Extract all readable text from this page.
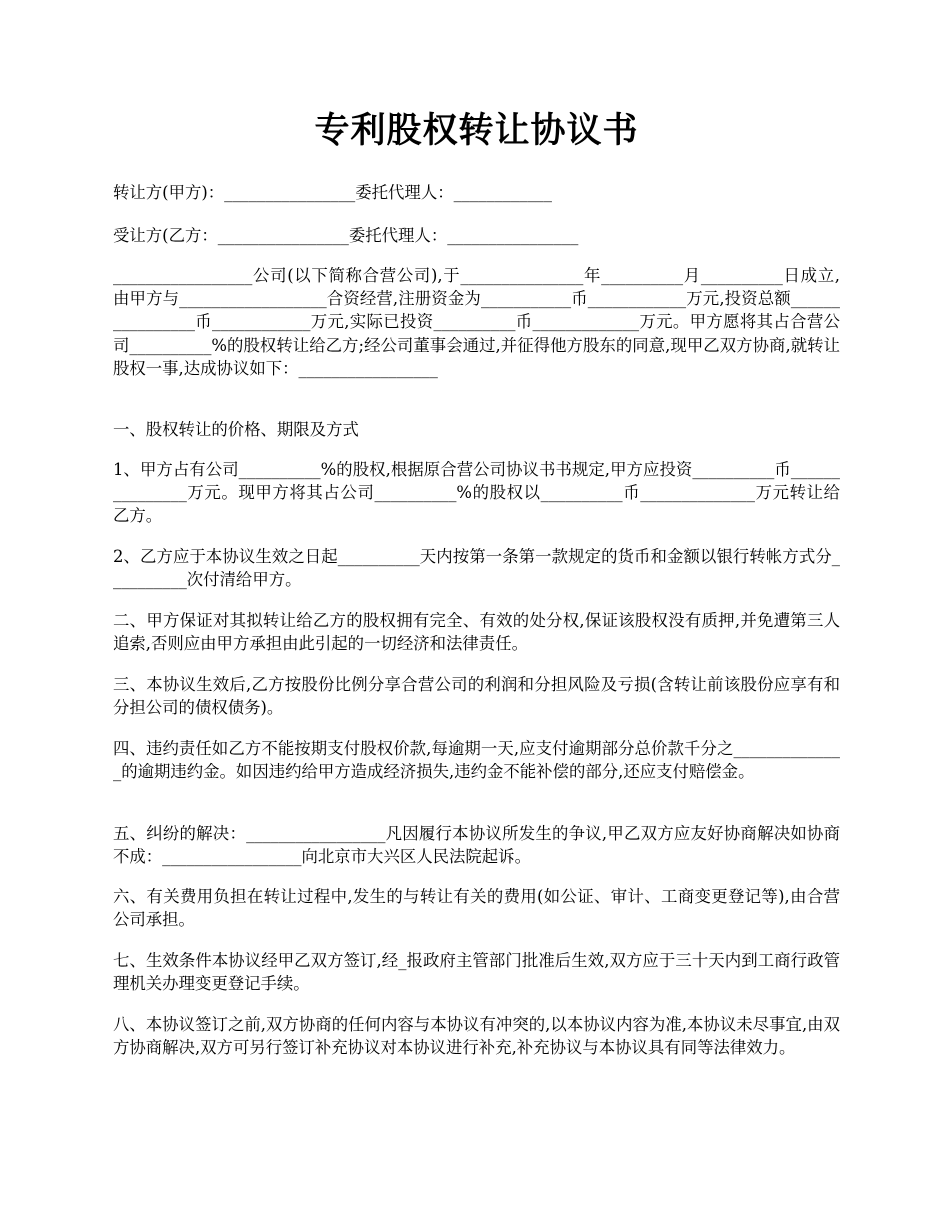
专利股权转让协议书

转让方(甲方)：________________委托代理人：____________

受让方(乙方：________________委托代理人：________________

_________________公司(以下简称合营公司),于_______________年__________月__________日成立,由甲方与__________________合资经营,注册资金为___________币____________万元,投资总额________________币____________万元,实际已投资__________币_____________万元。甲方愿将其占合营公司__________%的股权转让给乙方;经公司董事会通过,并征得他方股东的同意,现甲乙双方协商,就转让股权一事,达成协议如下：_________________

一、股权转让的价格、期限及方式

1、甲方占有公司__________%的股权,根据原合营公司协议书书规定,甲方应投资__________币_______________万元。现甲方将其占公司__________%的股权以__________币______________万元转让给乙方。

2、乙方应于本协议生效之日起__________天内按第一条第一款规定的货币和金额以银行转帐方式分__________次付清给甲方。

二、甲方保证对其拟转让给乙方的股权拥有完全、有效的处分权,保证该股权没有质押,并免遭第三人追索,否则应由甲方承担由此引起的一切经济和法律责任。

三、本协议生效后,乙方按股份比例分享合营公司的利润和分担风险及亏损(含转让前该股份应享有和分担公司的债权债务)。

四、违约责任如乙方不能按期支付股权价款,每逾期一天,应支付逾期部分总价款千分之______________的逾期违约金。如因违约给甲方造成经济损失,违约金不能补偿的部分,还应支付赔偿金。

五、纠纷的解决：_________________凡因履行本协议所发生的争议,甲乙双方应友好协商解决如协商不成：_________________向北京市大兴区人民法院起诉。

六、有关费用负担在转让过程中,发生的与转让有关的费用(如公证、审计、工商变更登记等),由合营公司承担。

七、生效条件本协议经甲乙双方签订,经_报政府主管部门批准后生效,双方应于三十天内到工商行政管理机关办理变更登记手续。

八、本协议签订之前,双方协商的任何内容与本协议有冲突的,以本协议内容为准,本协议未尽事宜,由双方协商解决,双方可另行签订补充协议对本协议进行补充,补充协议与本协议具有同等法律效力。
